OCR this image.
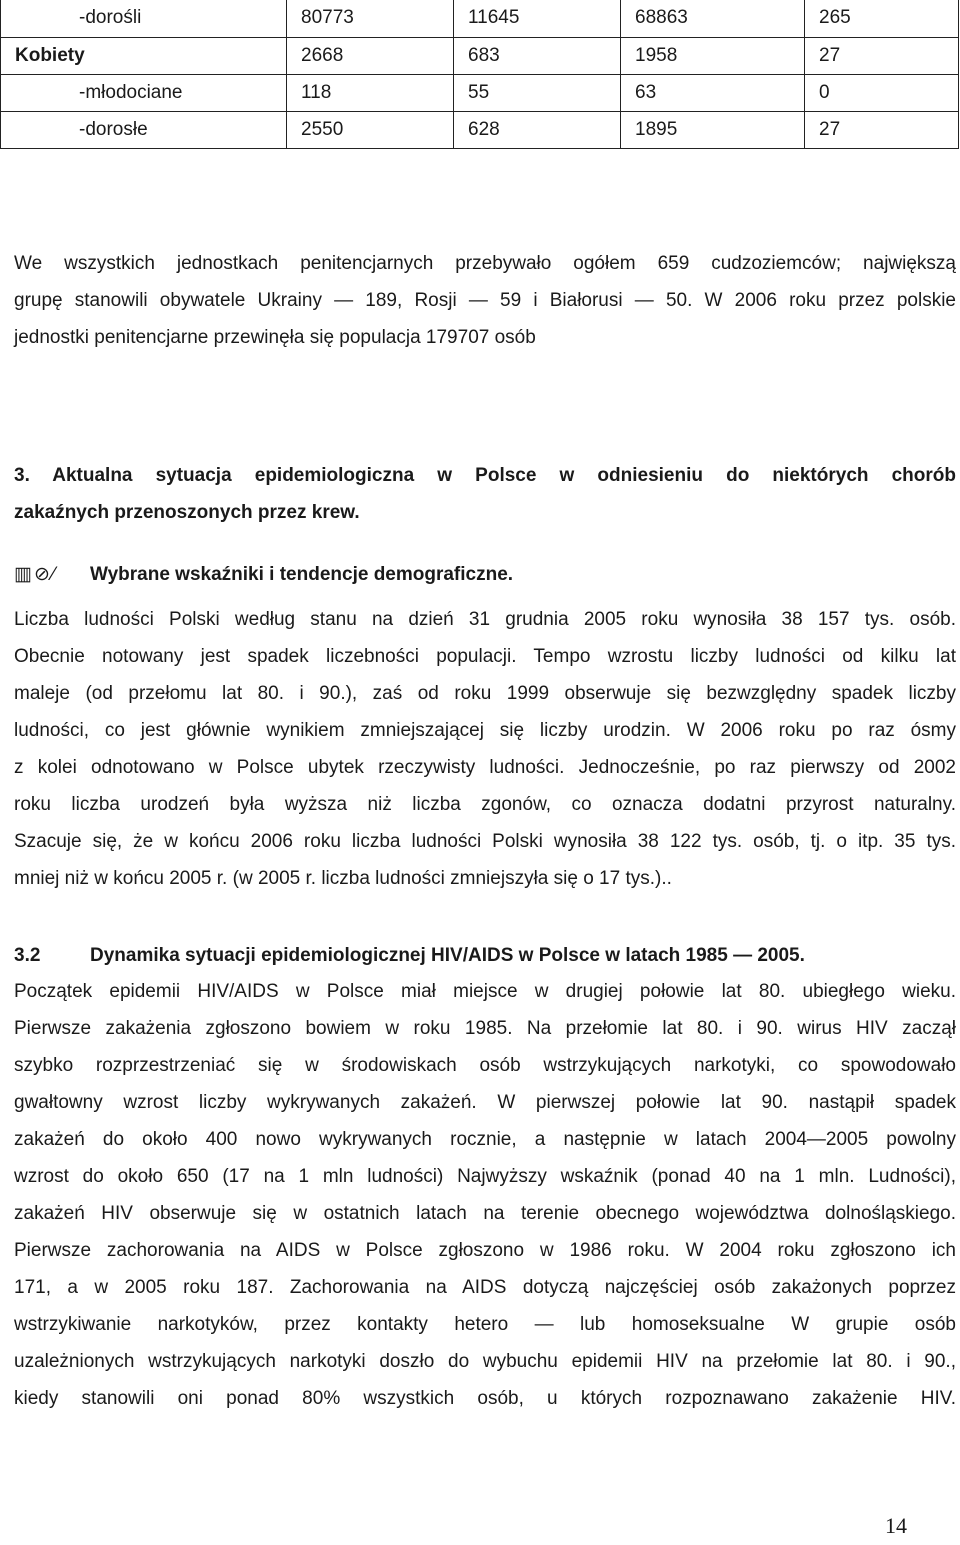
-dorośli	80773	11645	68863	265
Kobiety	2668	683	1958	27
-młodociane	118	55	63	0
-dorosłe	2550	628	1895	27

We wszystkich jednostkach penitencjarnych przebywało ogółem 659 cudzoziemców; największą
grupę stanowili obywatele Ukrainy — 189, Rosji — 59 i Białorusi — 50. W 2006 roku przez polskie
jednostki penitencjarne przewinęła się populacja 179707 osób

3. Aktualna sytuacja epidemiologiczna w Polsce w odniesieniu do niektórych chorób
zakaźnych przenoszonych przez krew.
▥⊘⁄ Wybrane wskaźniki i tendencje demograficzne.

Liczba ludności Polski według stanu na dzień 31 grudnia 2005 roku wynosiła 38 157 tys. osób.
Obecnie notowany jest spadek liczebności populacji. Tempo wzrostu liczby ludności od kilku lat
maleje (od przełomu lat 80. i 90.), zaś od roku 1999 obserwuje się bezwzględny spadek liczby
ludności, co jest głównie wynikiem zmniejszającej się liczby urodzin. W 2006 roku po raz ósmy
z kolei odnotowano w Polsce ubytek rzeczywisty ludności. Jednocześnie, po raz pierwszy od 2002
roku liczba urodzeń była wyższa niż liczba zgonów, co oznacza dodatni przyrost naturalny.
Szacuje się, że w końcu 2006 roku liczba ludności Polski wynosiła 38 122 tys. osób, tj. o itp. 35 tys.
mniej niż w końcu 2005 r. (w 2005 r. liczba ludności zmniejszyła się o 17 tys.)..

3.2	Dynamika sytuacji epidemiologicznej HIV/AIDS w Polsce w latach 1985 — 2005.

Początek epidemii HIV/AIDS w Polsce miał miejsce w drugiej połowie lat 80. ubiegłego wieku.
Pierwsze zakażenia zgłoszono bowiem w roku 1985. Na przełomie lat 80. i 90. wirus HIV zaczął
szybko rozprzestrzeniać się w środowiskach osób wstrzykujących narkotyki, co spowodowało
gwałtowny wzrost liczby wykrywanych zakażeń. W pierwszej połowie lat 90. nastąpił spadek
zakażeń do około 400 nowo wykrywanych rocznie, a następnie w latach 2004—2005 powolny
wzrost do około 650 (17 na 1 mln ludności) Najwyższy wskaźnik (ponad 40 na 1 mln. Ludności),
zakażeń HIV obserwuje się w ostatnich latach na terenie obecnego województwa dolnośląskiego.
Pierwsze zachorowania na AIDS w Polsce zgłoszono w 1986 roku. W 2004 roku zgłoszono ich
171, a w 2005 roku 187. Zachorowania na AIDS dotyczą najczęściej osób zakażonych poprzez
wstrzykiwanie narkotyków, przez kontakty hetero — lub homoseksualne W grupie osób
uzależnionych wstrzykujących narkotyki doszło do wybuchu epidemii HIV na przełomie lat 80. i 90.,
kiedy stanowili oni ponad 80% wszystkich osób, u których rozpoznawano zakażenie HIV.

14
